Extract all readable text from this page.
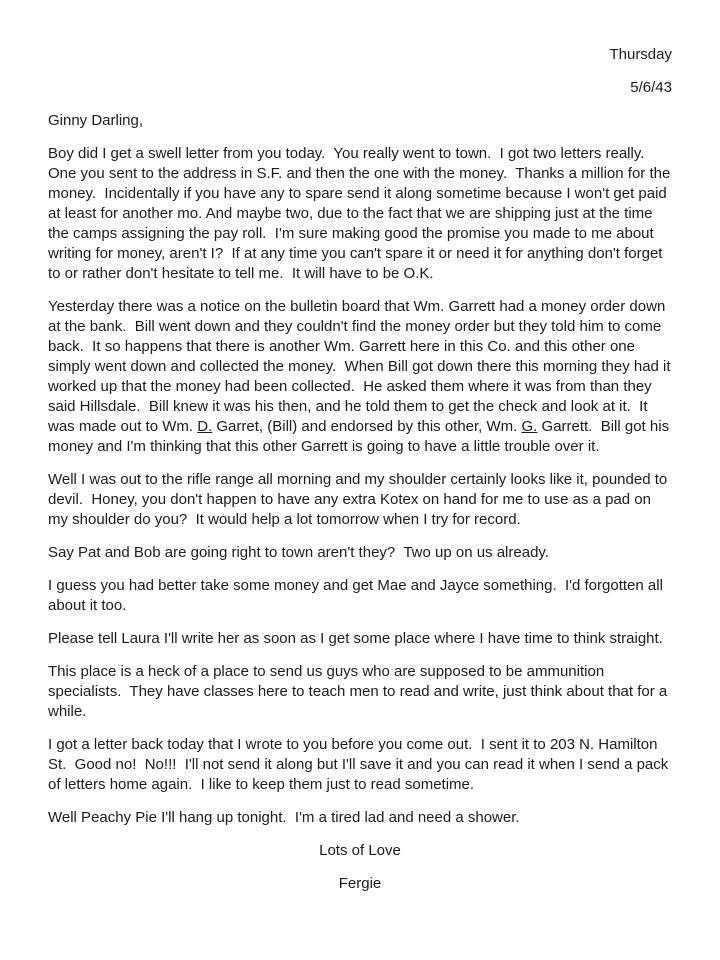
Thursday
5/6/43
Ginny Darling,

Boy did I get a swell letter from you today.  You really went to town.  I got two letters really.  One you sent to the address in S.F. and then the one with the money.  Thanks a million for the money.  Incidentally if you have any to spare send it along sometime because I won't get paid at least for another mo. And maybe two, due to the fact that we are shipping just at the time the camps assigning the pay roll.  I'm sure making good the promise you made to me about writing for money, aren't I?  If at any time you can't spare it or need it for anything don't forget to or rather don't hesitate to tell me.  It will have to be O.K.

Yesterday there was a notice on the bulletin board that Wm. Garrett had a money order down at the bank.  Bill went down and they couldn't find the money order but they told him to come back.  It so happens that there is another Wm. Garrett here in this Co. and this other one simply went down and collected the money.  When Bill got down there this morning they had it worked up that the money had been collected.  He asked them where it was from than they said Hillsdale.  Bill knew it was his then, and he told them to get the check and look at it.  It was made out to Wm. D. Garret, (Bill) and endorsed by this other, Wm. G. Garrett.  Bill got his money and I'm thinking that this other Garrett is going to have a little trouble over it.

Well I was out to the rifle range all morning and my shoulder certainly looks like it, pounded to devil.  Honey, you don't happen to have any extra Kotex on hand for me to use as a pad on my shoulder do you?  It would help a lot tomorrow when I try for record.

Say Pat and Bob are going right to town aren't they?  Two up on us already.

I guess you had better take some money and get Mae and Jayce something.  I'd forgotten all about it too.

Please tell Laura I'll write her as soon as I get some place where I have time to think straight.

This place is a heck of a place to send us guys who are supposed to be ammunition specialists.  They have classes here to teach men to read and write, just think about that for a while.

I got a letter back today that I wrote to you before you come out.  I sent it to 203 N. Hamilton St.  Good no!  No!!!  I'll not send it along but I'll save it and you can read it when I send a pack of letters home again.  I like to keep them just to read sometime.

Well Peachy Pie I'll hang up tonight.  I'm a tired lad and need a shower.

Lots of Love
Fergie
